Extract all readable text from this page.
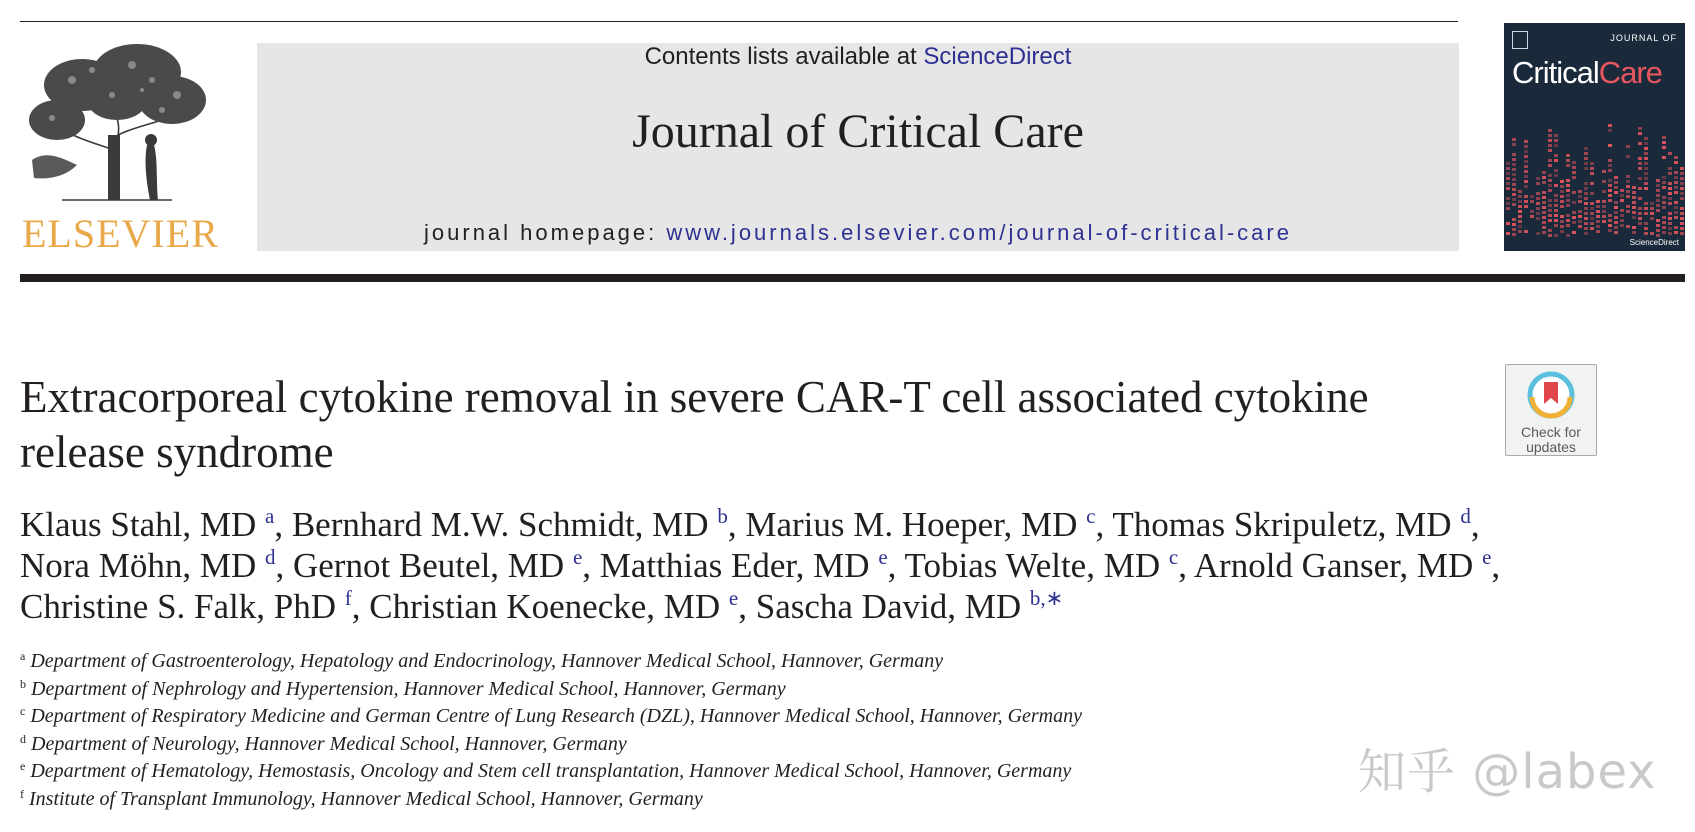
ELSEVIER
Contents lists available at ScienceDirect
Journal of Critical Care
journal homepage: www.journals.elsevier.com/journal-of-critical-care
JOURNAL OF
CriticalCare
ScienceDirect
Extracorporeal cytokine removal in severe CAR-T cell associated cytokine release syndrome	Check for
updates
Klaus Stahl, MD $^a$, Bernhard M.W. Schmidt, MD $^b$, Marius M. Hoeper, MD $^c$, Thomas Skripuletz, MD $^d$,
Nora Möhn, MD $^d$, Gernot Beutel, MD $^e$, Matthias Eder, MD $^e$, Tobias Welte, MD $^c$, Arnold Ganser, MD $^e$,
Christine S. Falk, PhD $^f$, Christian Koenecke, MD $^e$, Sascha David, MD $^{b,∗}$
$^a$ Department of Gastroenterology, Hepatology and Endocrinology, Hannover Medical School, Hannover, Germany
$^b$ Department of Nephrology and Hypertension, Hannover Medical School, Hannover, Germany
$^c$ Department of Respiratory Medicine and German Centre of Lung Research (DZL), Hannover Medical School, Hannover, Germany
$^d$ Department of Neurology, Hannover Medical School, Hannover, Germany
$^e$ Department of Hematology, Hemostasis, Oncology and Stem cell transplantation, Hannover Medical School, Hannover, Germany
$^f$ Institute of Transplant Immunology, Hannover Medical School, Hannover, Germany	知乎 @labex
